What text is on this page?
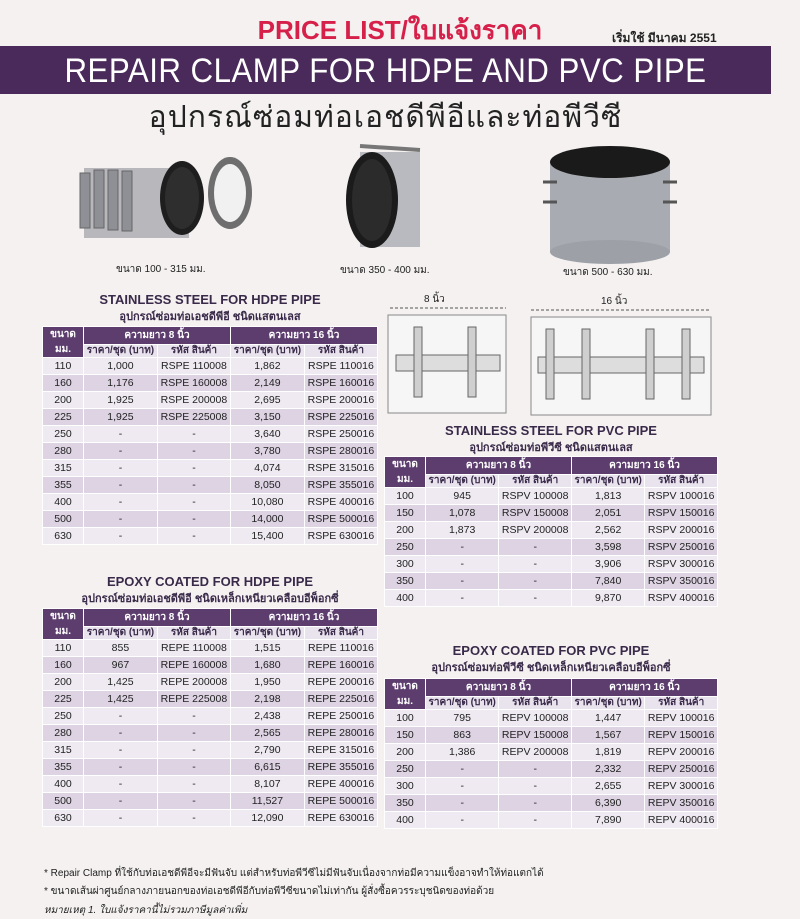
PRICE LIST/ใบแจ้งราคา	เริ่มใช้ มีนาคม 2551
REPAIR CLAMP FOR HDPE AND PVC PIPE
อุปกรณ์ซ่อมท่อเอชดีพีอีและท่อพีวีซี
ขนาด 100 - 315 มม.	ขนาด 350 - 400 มม.	ขนาด 500 - 630 มม.
8 นิ้ว	16 นิ้ว
STAINLESS STEEL FOR HDPE PIPE
อุปกรณ์ซ่อมท่อเอชดีพีอี ชนิดแสตนเลส
ขนาด มม.	ความยาว 8 นิ้ว		ความยาว 16 นิ้ว	
	ราคา/ชุด (บาท)	รหัส สินค้า	ราคา/ชุด (บาท)	รหัส สินค้า
110	1,000	RSPE 110008	1,862	RSPE 110016
160	1,176	RSPE 160008	2,149	RSPE 160016
200	1,925	RSPE 200008	2,695	RSPE 200016
225	1,925	RSPE 225008	3,150	RSPE 225016
250	-	-	3,640	RSPE 250016
280	-	-	3,780	RSPE 280016
315	-	-	4,074	RSPE 315016
355	-	-	8,050	RSPE 355016
400	-	-	10,080	RSPE 400016
500	-	-	14,000	RSPE 500016
630	-	-	15,400	RSPE 630016
EPOXY COATED FOR HDPE PIPE
อุปกรณ์ซ่อมท่อเอชดีพีอี ชนิดเหล็กเหนียวเคลือบอีพ็อกซี่
ขนาด มม.	ความยาว 8 นิ้ว		ความยาว 16 นิ้ว	
	ราคา/ชุด (บาท)	รหัส สินค้า	ราคา/ชุด (บาท)	รหัส สินค้า
110	855	REPE 110008	1,515	REPE 110016
160	967	REPE 160008	1,680	REPE 160016
200	1,425	REPE 200008	1,950	REPE 200016
225	1,425	REPE 225008	2,198	REPE 225016
250	-	-	2,438	REPE 250016
280	-	-	2,565	REPE 280016
315	-	-	2,790	REPE 315016
355	-	-	6,615	REPE 355016
400	-	-	8,107	REPE 400016
500	-	-	11,527	REPE 500016
630	-	-	12,090	REPE 630016
STAINLESS STEEL FOR PVC PIPE
อุปกรณ์ซ่อมท่อพีวีซี ชนิดแสตนเลส
ขนาด มม.	ความยาว 8 นิ้ว		ความยาว 16 นิ้ว	
	ราคา/ชุด (บาท)	รหัส สินค้า	ราคา/ชุด (บาท)	รหัส สินค้า
100	945	RSPV 100008	1,813	RSPV 100016
150	1,078	RSPV 150008	2,051	RSPV 150016
200	1,873	RSPV 200008	2,562	RSPV 200016
250	-	-	3,598	RSPV 250016
300	-	-	3,906	RSPV 300016
350	-	-	7,840	RSPV 350016
400	-	-	9,870	RSPV 400016
EPOXY COATED FOR PVC PIPE
อุปกรณ์ซ่อมท่อพีวีซี ชนิดเหล็กเหนียวเคลือบอีพ็อกซี่
ขนาด มม.	ความยาว 8 นิ้ว		ความยาว 16 นิ้ว	
	ราคา/ชุด (บาท)	รหัส สินค้า	ราคา/ชุด (บาท)	รหัส สินค้า
100	795	REPV 100008	1,447	REPV 100016
150	863	REPV 150008	1,567	REPV 150016
200	1,386	REPV 200008	1,819	REPV 200016
250	-	-	2,332	REPV 250016
300	-	-	2,655	REPV 300016
350	-	-	6,390	REPV 350016
400	-	-	7,890	REPV 400016
* Repair Clamp ที่ใช้กับท่อเอชดีพีอีจะมีฟันจับ แต่สำหรับท่อพีวีซีไม่มีฟันจับเนื่องจากท่อมีความแข็งอาจทำให้ท่อแตกได้
* ขนาดเส้นผ่าศูนย์กลางภายนอกของท่อเอชดีพีอีกับท่อพีวีซีขนาดไม่เท่ากัน ผู้สั่งซื้อควรระบุชนิดของท่อด้วย
หมายเหตุ 1. ใบแจ้งราคานี้ไม่รวมภาษีมูลค่าเพิ่ม
